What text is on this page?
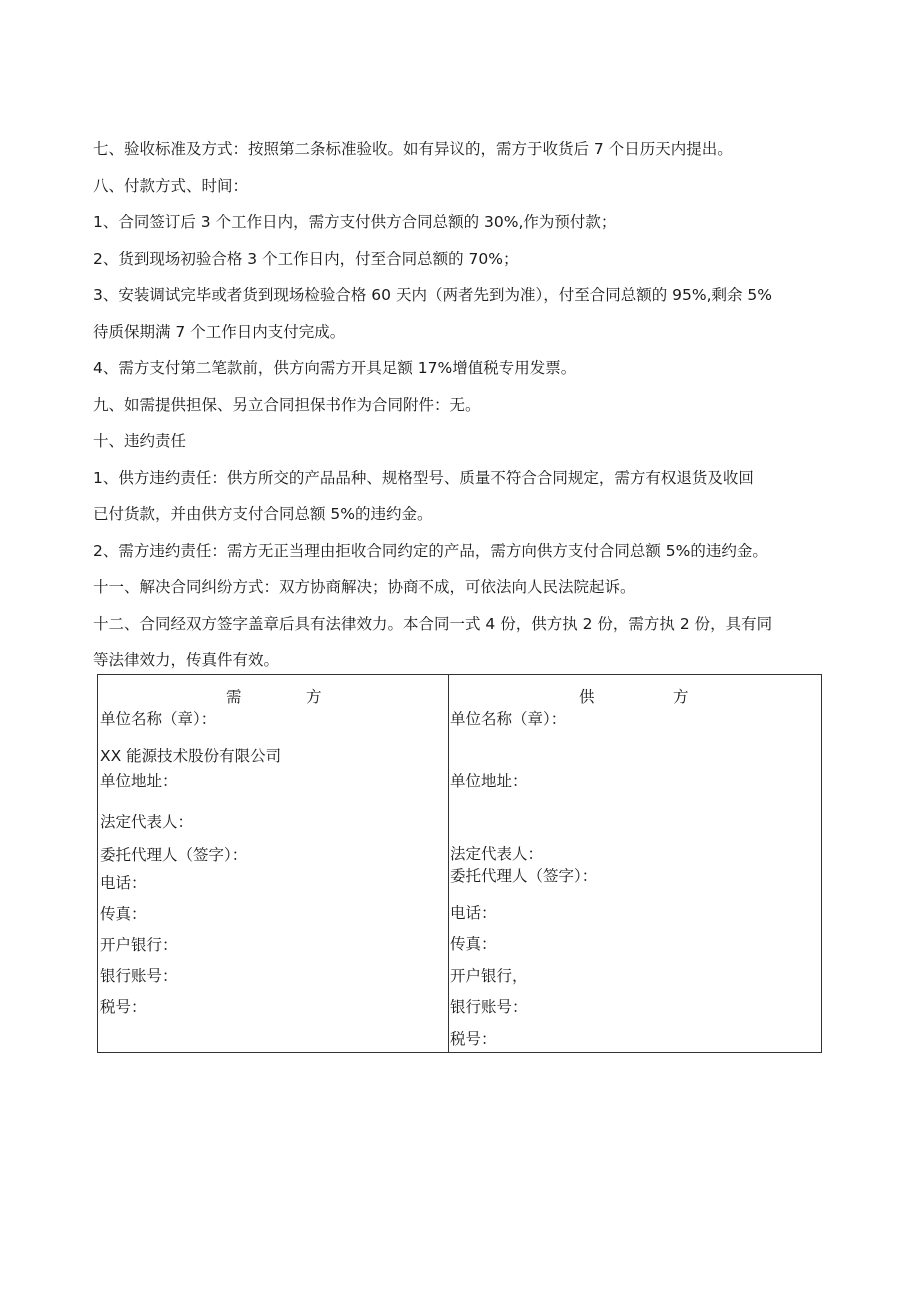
七、验收标准及方式：按照第二条标准验收。如有异议的，需方于收货后 7 个日历天内提出。

八、付款方式、时间：

1、合同签订后 3 个工作日内，需方支付供方合同总额的 30%,作为预付款；

2、货到现场初验合格 3 个工作日内，付至合同总额的 70%；

3、安装调试完毕或者货到现场检验合格 60 天内（两者先到为准），付至合同总额的 95%,剩余 5%

待质保期满 7 个工作日内支付完成。

4、需方支付第二笔款前，供方向需方开具足额 17%增值税专用发票。

九、如需提供担保、另立合同担保书作为合同附件：无。

十、违约责任

1、供方违约责任：供方所交的产品品种、规格型号、质量不符合合同规定，需方有权退货及收回

已付货款，并由供方支付合同总额 5%的违约金。

2、需方违约责任：需方无正当理由拒收合同约定的产品，需方向供方支付合同总额 5%的违约金。

十一、解决合同纠纷方式：双方协商解决；协商不成，可依法向人民法院起诉。

十二、合同经双方签字盖章后具有法律效力。本合同一式 4 份，供方执 2 份，需方执 2 份，具有同

等法律效力，传真件有效。

需	方
单位名称（章）：
XX 能源技术股份有限公司
单位地址：
法定代表人：
委托代理人（签字）：
电话：
传真：
开户银行：
银行账号：
税号：
供	方
单位名称（章）：
单位地址：
法定代表人：
委托代理人（签字）：
电话：
传真：
开户银行，
银行账号：
税号：
